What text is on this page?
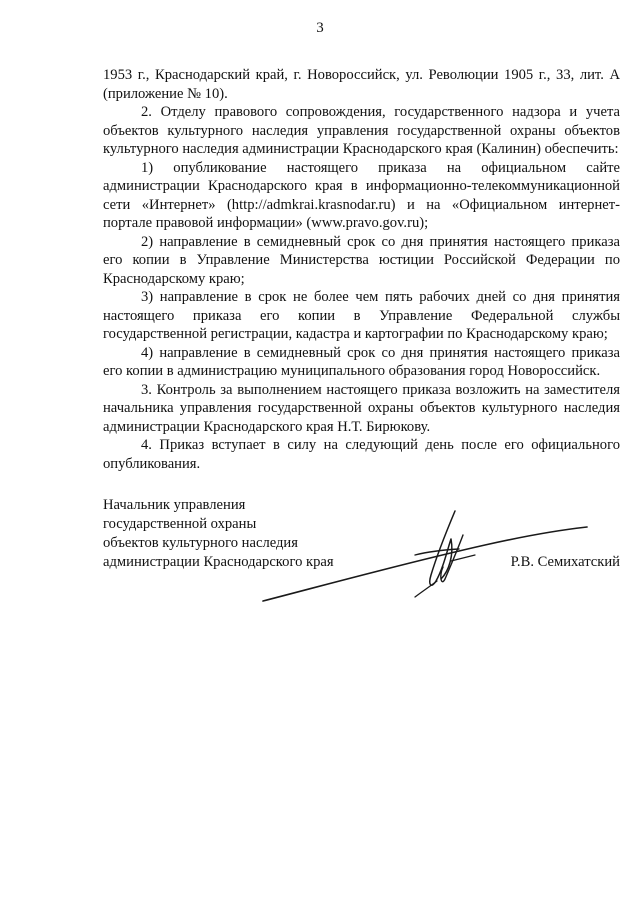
3

1953 г., Краснодарский край, г. Новороссийск, ул. Революции 1905 г., 33, лит. А (приложение № 10).

2. Отделу правового сопровождения, государственного надзора и учета объектов культурного наследия управления государственной охраны объектов культурного наследия администрации Краснодарского края (Калинин) обеспечить:

1) опубликование настоящего приказа на официальном сайте администрации Краснодарского края в информационно-телекоммуникационной сети «Интернет» (http://admkrai.krasnodar.ru) и на «Официальном интернет-портале правовой информации» (www.pravo.gov.ru);

2) направление в семидневный срок со дня принятия настоящего приказа его копии в Управление Министерства юстиции Российской Федерации по Краснодарскому краю;

3) направление в срок не более чем пять рабочих дней со дня принятия настоящего приказа его копии в Управление Федеральной службы государственной регистрации, кадастра и картографии по Краснодарскому краю;

4) направление в семидневный срок со дня принятия настоящего приказа его копии в администрацию муниципального образования город Новороссийск.

3. Контроль за выполнением настоящего приказа возложить на заместителя начальника управления государственной охраны объектов культурного наследия администрации Краснодарского края Н.Т. Бирюкову.

4. Приказ вступает в силу на следующий день после его официального опубликования.

Начальник управления
государственной охраны
объектов культурного наследия
администрации Краснодарского края	Р.В. Семихатский
